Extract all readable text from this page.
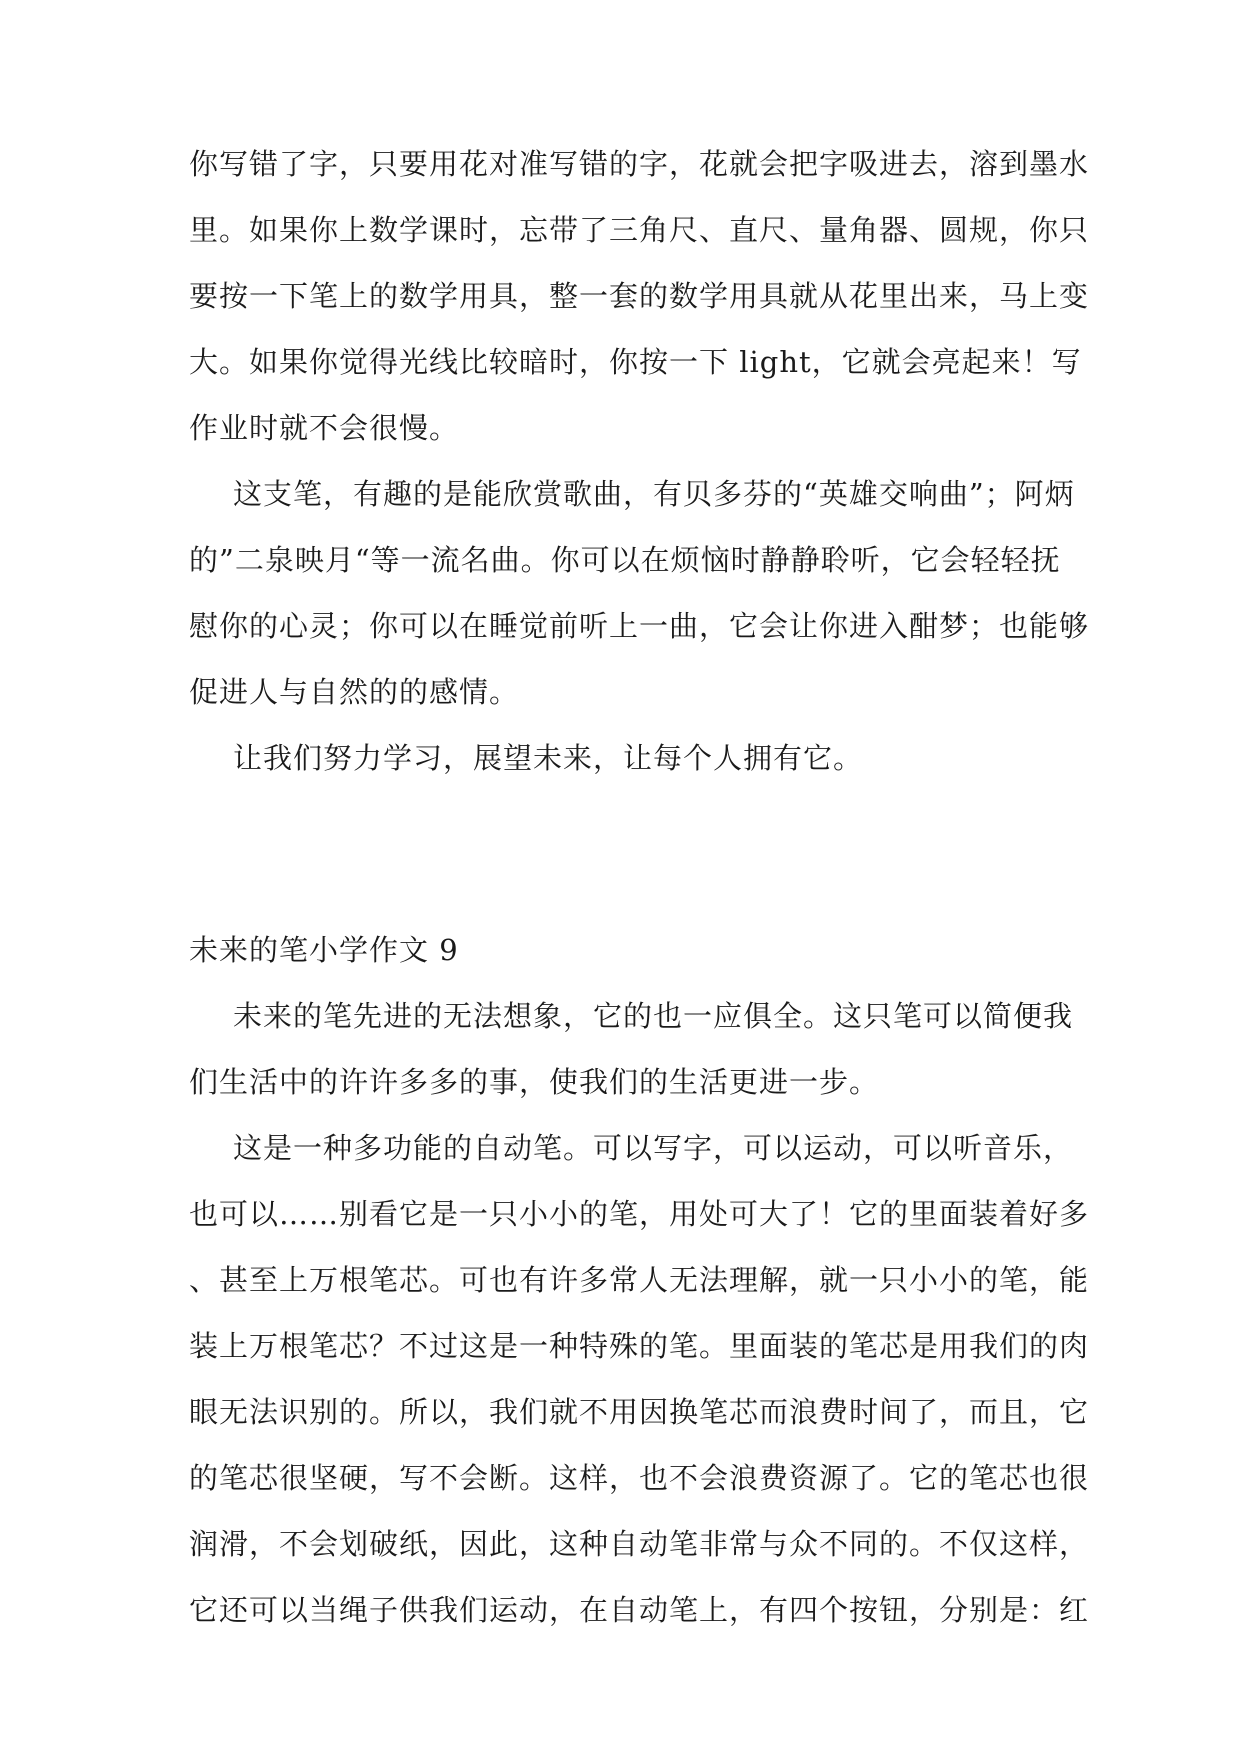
你写错了字，只要用花对准写错的字，花就会把字吸进去，溶到墨水
里。如果你上数学课时，忘带了三角尺、直尺、量角器、圆规，你只
要按一下笔上的数学用具，整一套的数学用具就从花里出来，马上变
大。如果你觉得光线比较暗时，你按一下 light，它就会亮起来！写
作业时就不会很慢。
这支笔，有趣的是能欣赏歌曲，有贝多芬的“英雄交响曲”；阿炳
的”二泉映月“等一流名曲。你可以在烦恼时静静聆听，它会轻轻抚
慰你的心灵；你可以在睡觉前听上一曲，它会让你进入酣梦；也能够
促进人与自然的的感情。
让我们努力学习，展望未来，让每个人拥有它。
未来的笔小学作文 9
未来的笔先进的无法想象，它的也一应俱全。这只笔可以简便我
们生活中的许许多多的事，使我们的生活更进一步。
这是一种多功能的自动笔。可以写字，可以运动，可以听音乐，
也可以……别看它是一只小小的笔，用处可大了！它的里面装着好多
、甚至上万根笔芯。可也有许多常人无法理解，就一只小小的笔，能
装上万根笔芯？不过这是一种特殊的笔。里面装的笔芯是用我们的肉
眼无法识别的。所以，我们就不用因换笔芯而浪费时间了，而且，它
的笔芯很坚硬，写不会断。这样，也不会浪费资源了。它的笔芯也很
润滑，不会划破纸，因此，这种自动笔非常与众不同的。不仅这样，
它还可以当绳子供我们运动，在自动笔上，有四个按钮，分别是：红
